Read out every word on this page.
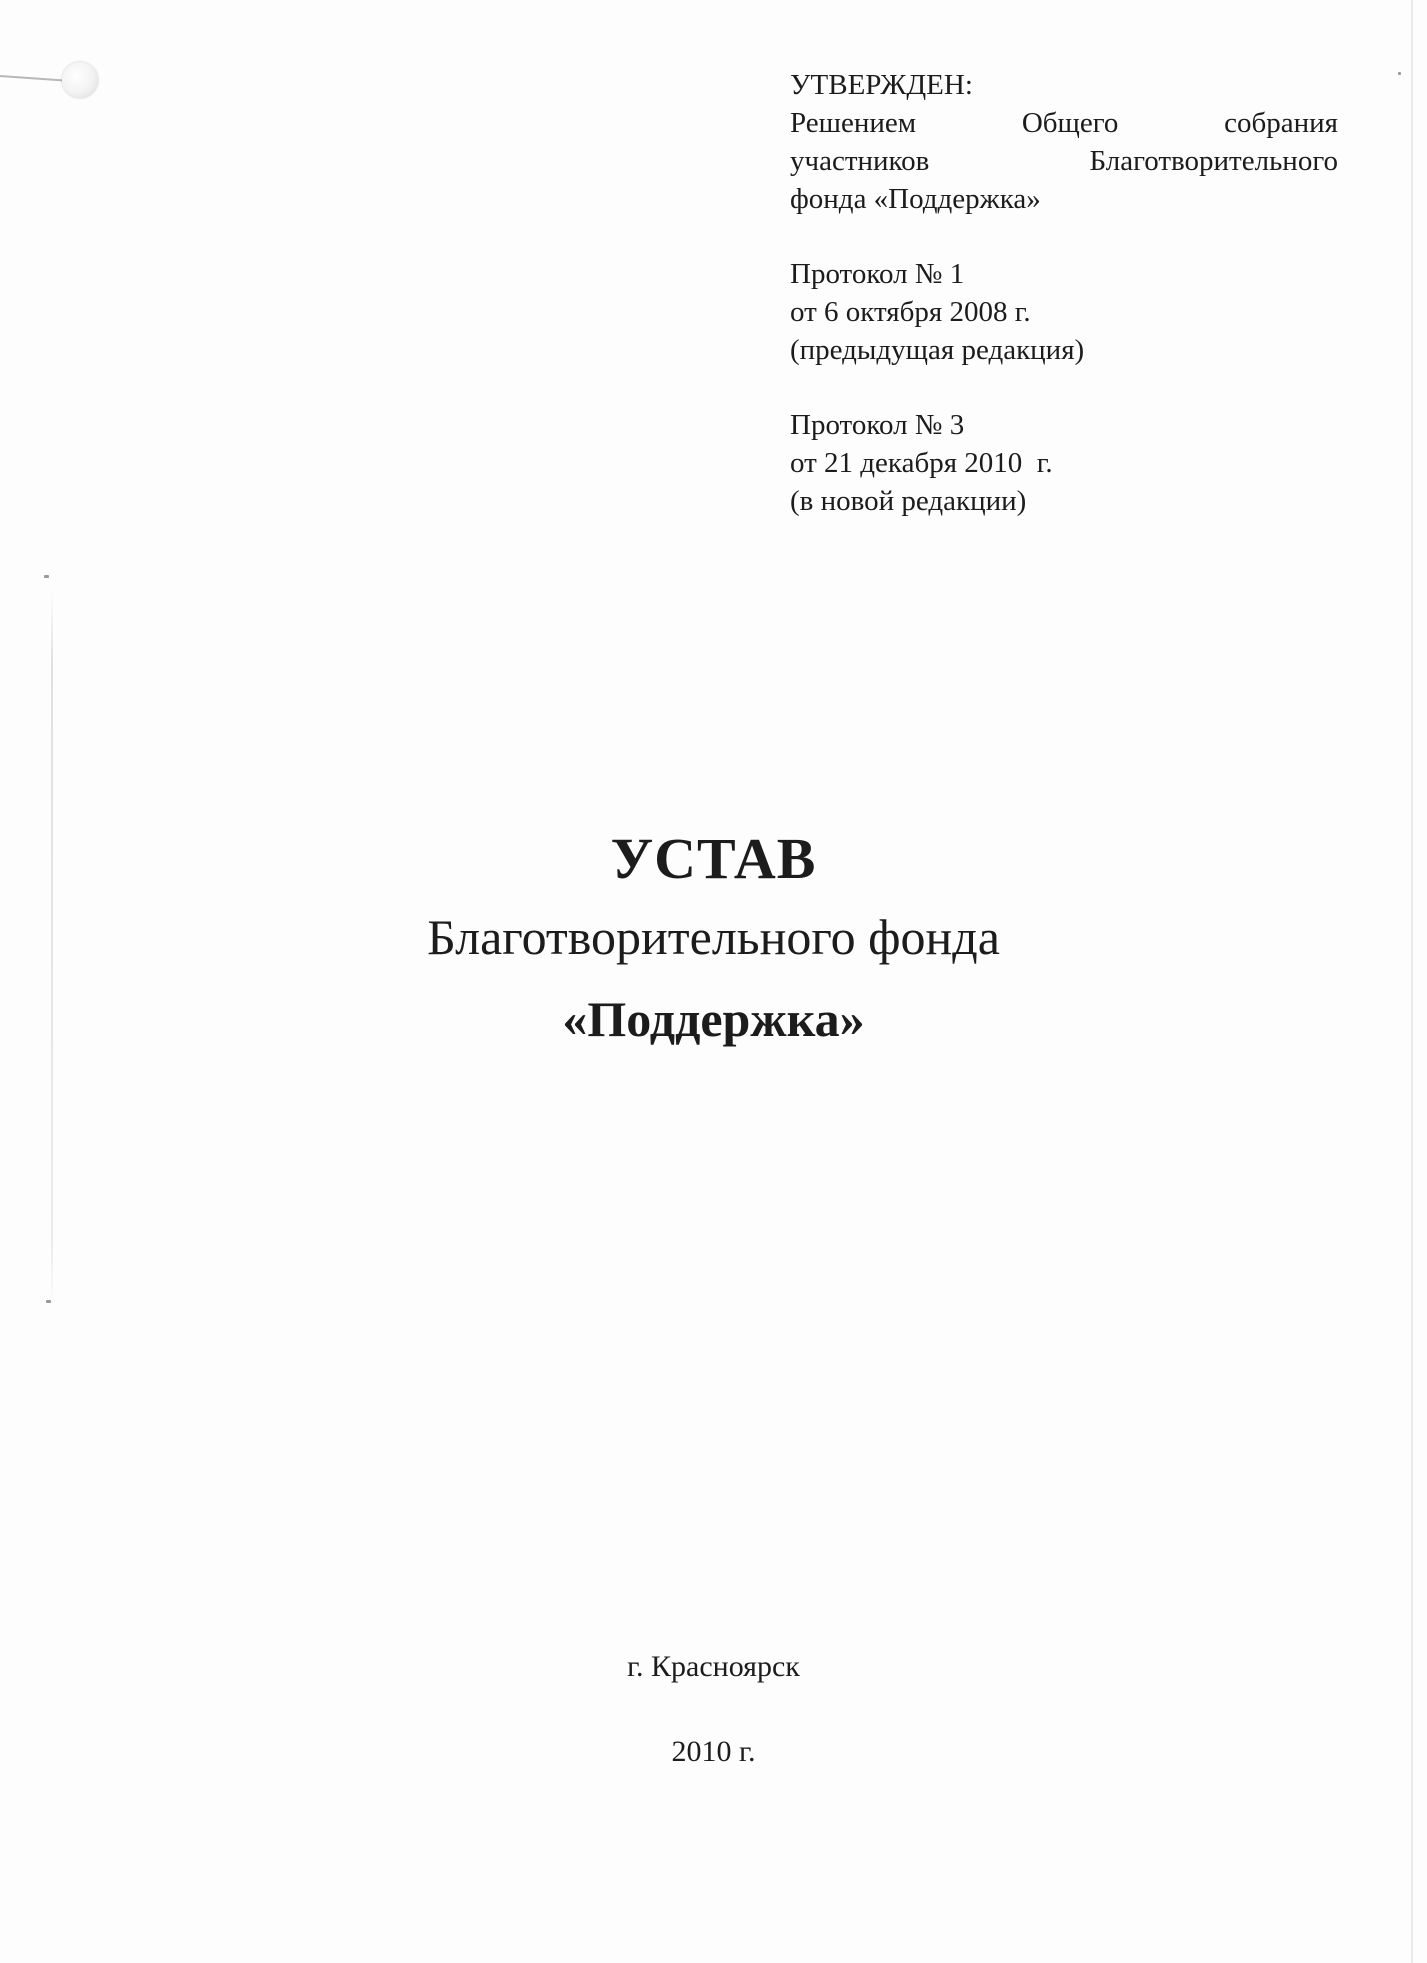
УТВЕРЖДЕН:
Решением	Общего	собрания
участников	Благотворительного
фонда «Поддержка»
Протокол № 1
от 6 октября 2008 г.
(предыдущая редакция)
Протокол № 3
от 21 декабря 2010  г.
(в новой редакции)
УСТАВ
Благотворительного фонда
«Поддержка»
г. Красноярск
2010 г.
